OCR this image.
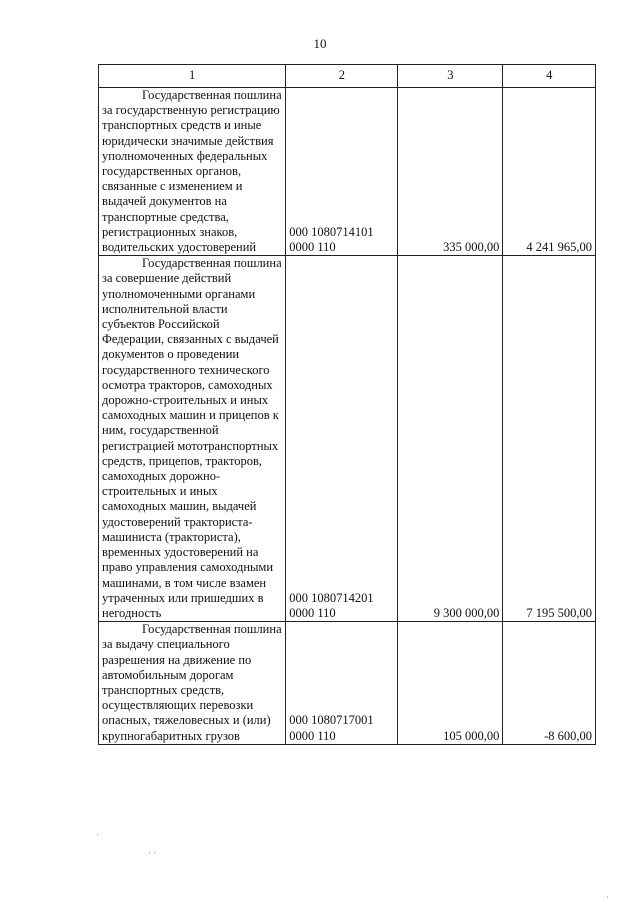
10
1	2	3	4
Государственная пошлина за государственную регистрацию транспортных средств и иные юридически значимые действия уполномоченных федеральных государственных органов, связанные с изменением и выдачей документов на транспортные средства, регистрационных знаков, водительских удостоверений	000 1080714101
0000 110	335 000,00	4 241 965,00
Государственная пошлина за совершение действий уполномоченными органами исполнительной власти субъектов Российской Федерации, связанных с выдачей документов о проведении государственного технического осмотра тракторов, самоходных дорожно-строительных и иных самоходных машин и прицепов к ним, государственной регистрацией мототранспортных средств, прицепов, тракторов, самоходных дорожно-строительных и иных самоходных машин, выдачей удостоверений тракториста-машиниста (тракториста), временных удостоверений на право управления самоходными машинами, в том числе взамен утраченных или пришедших в негодность	000 1080714201
0000 110	9 300 000,00	7 195 500,00
Государственная пошлина за выдачу специального разрешения на движение по автомобильным дорогам транспортных средств, осуществляющих перевозки опасных, тяжеловесных и (или) крупногабаритных грузов	000 1080717001
0000 110	105 000,00	-8 600,00
·
· ·
·
